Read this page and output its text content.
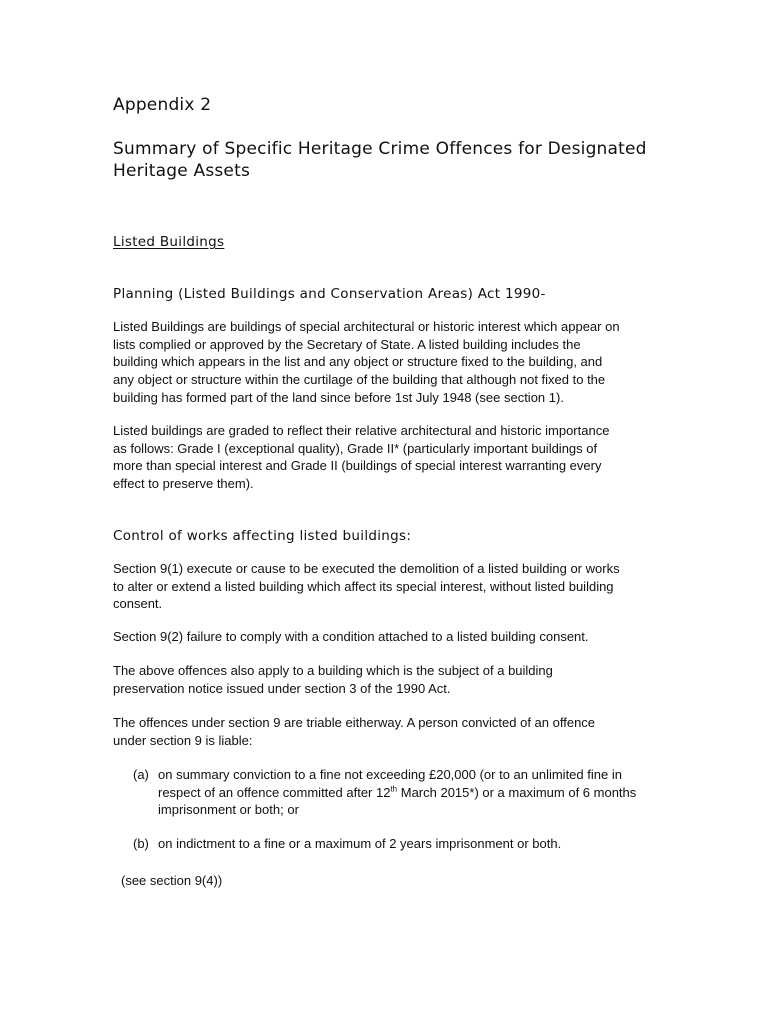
Appendix 2
Summary of Specific Heritage Crime Offences for Designated
Heritage Assets
Listed Buildings
Planning (Listed Buildings and Conservation Areas) Act 1990-

Listed Buildings are buildings of special architectural or historic interest which appear on
lists complied or approved by the Secretary of State. A listed building includes the
building which appears in the list and any object or structure fixed to the building, and
any object or structure within the curtilage of the building that although not fixed to the
building has formed part of the land since before 1st July 1948 (see section 1).

Listed buildings are graded to reflect their relative architectural and historic importance
as follows: Grade I (exceptional quality), Grade II* (particularly important buildings of
more than special interest and Grade II (buildings of special interest warranting every
effect to preserve them).

Control of works affecting listed buildings:

Section 9(1) execute or cause to be executed the demolition of a listed building or works
to alter or extend a listed building which affect its special interest, without listed building
consent.

Section 9(2) failure to comply with a condition attached to a listed building consent.

The above offences also apply to a building which is the subject of a building
preservation notice issued under section 3 of the 1990 Act.

The offences under section 9 are triable eitherway. A person convicted of an offence
under section 9 is liable:

(a) on summary conviction to a fine not exceeding £20,000 (or to an unlimited fine in respect of an offence committed after 12th March 2015*) or a maximum of 6 months imprisonment or both; or
(b) on indictment to a fine or a maximum of 2 years imprisonment or both.

(see section 9(4))
